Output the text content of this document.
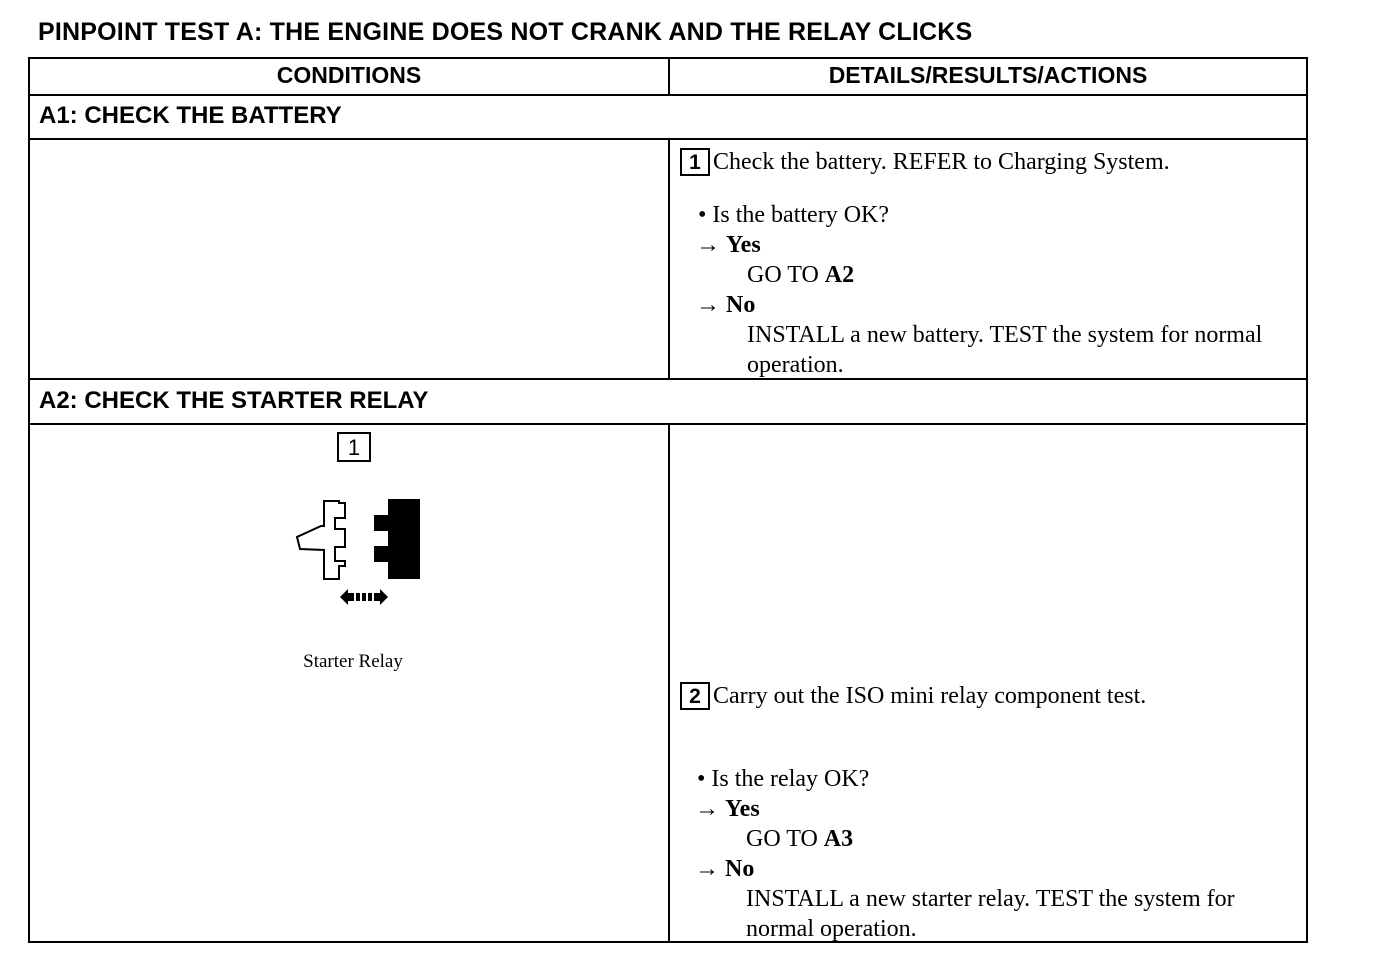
PINPOINT TEST A: THE ENGINE DOES NOT CRANK AND THE RELAY CLICKS
CONDITIONS	DETAILS/RESULTS/ACTIONS
A1: CHECK THE BATTERY
1 Check the battery. REFER to Charging System.
• Is the battery OK?
→ Yes
GO TO A2
→ No
INSTALL a new battery. TEST the system for normal operation.
A2: CHECK THE STARTER RELAY
1
Starter Relay
2 Carry out the ISO mini relay component test.
• Is the relay OK?
→ Yes
GO TO A3
→ No
INSTALL a new starter relay. TEST the system for normal operation.
